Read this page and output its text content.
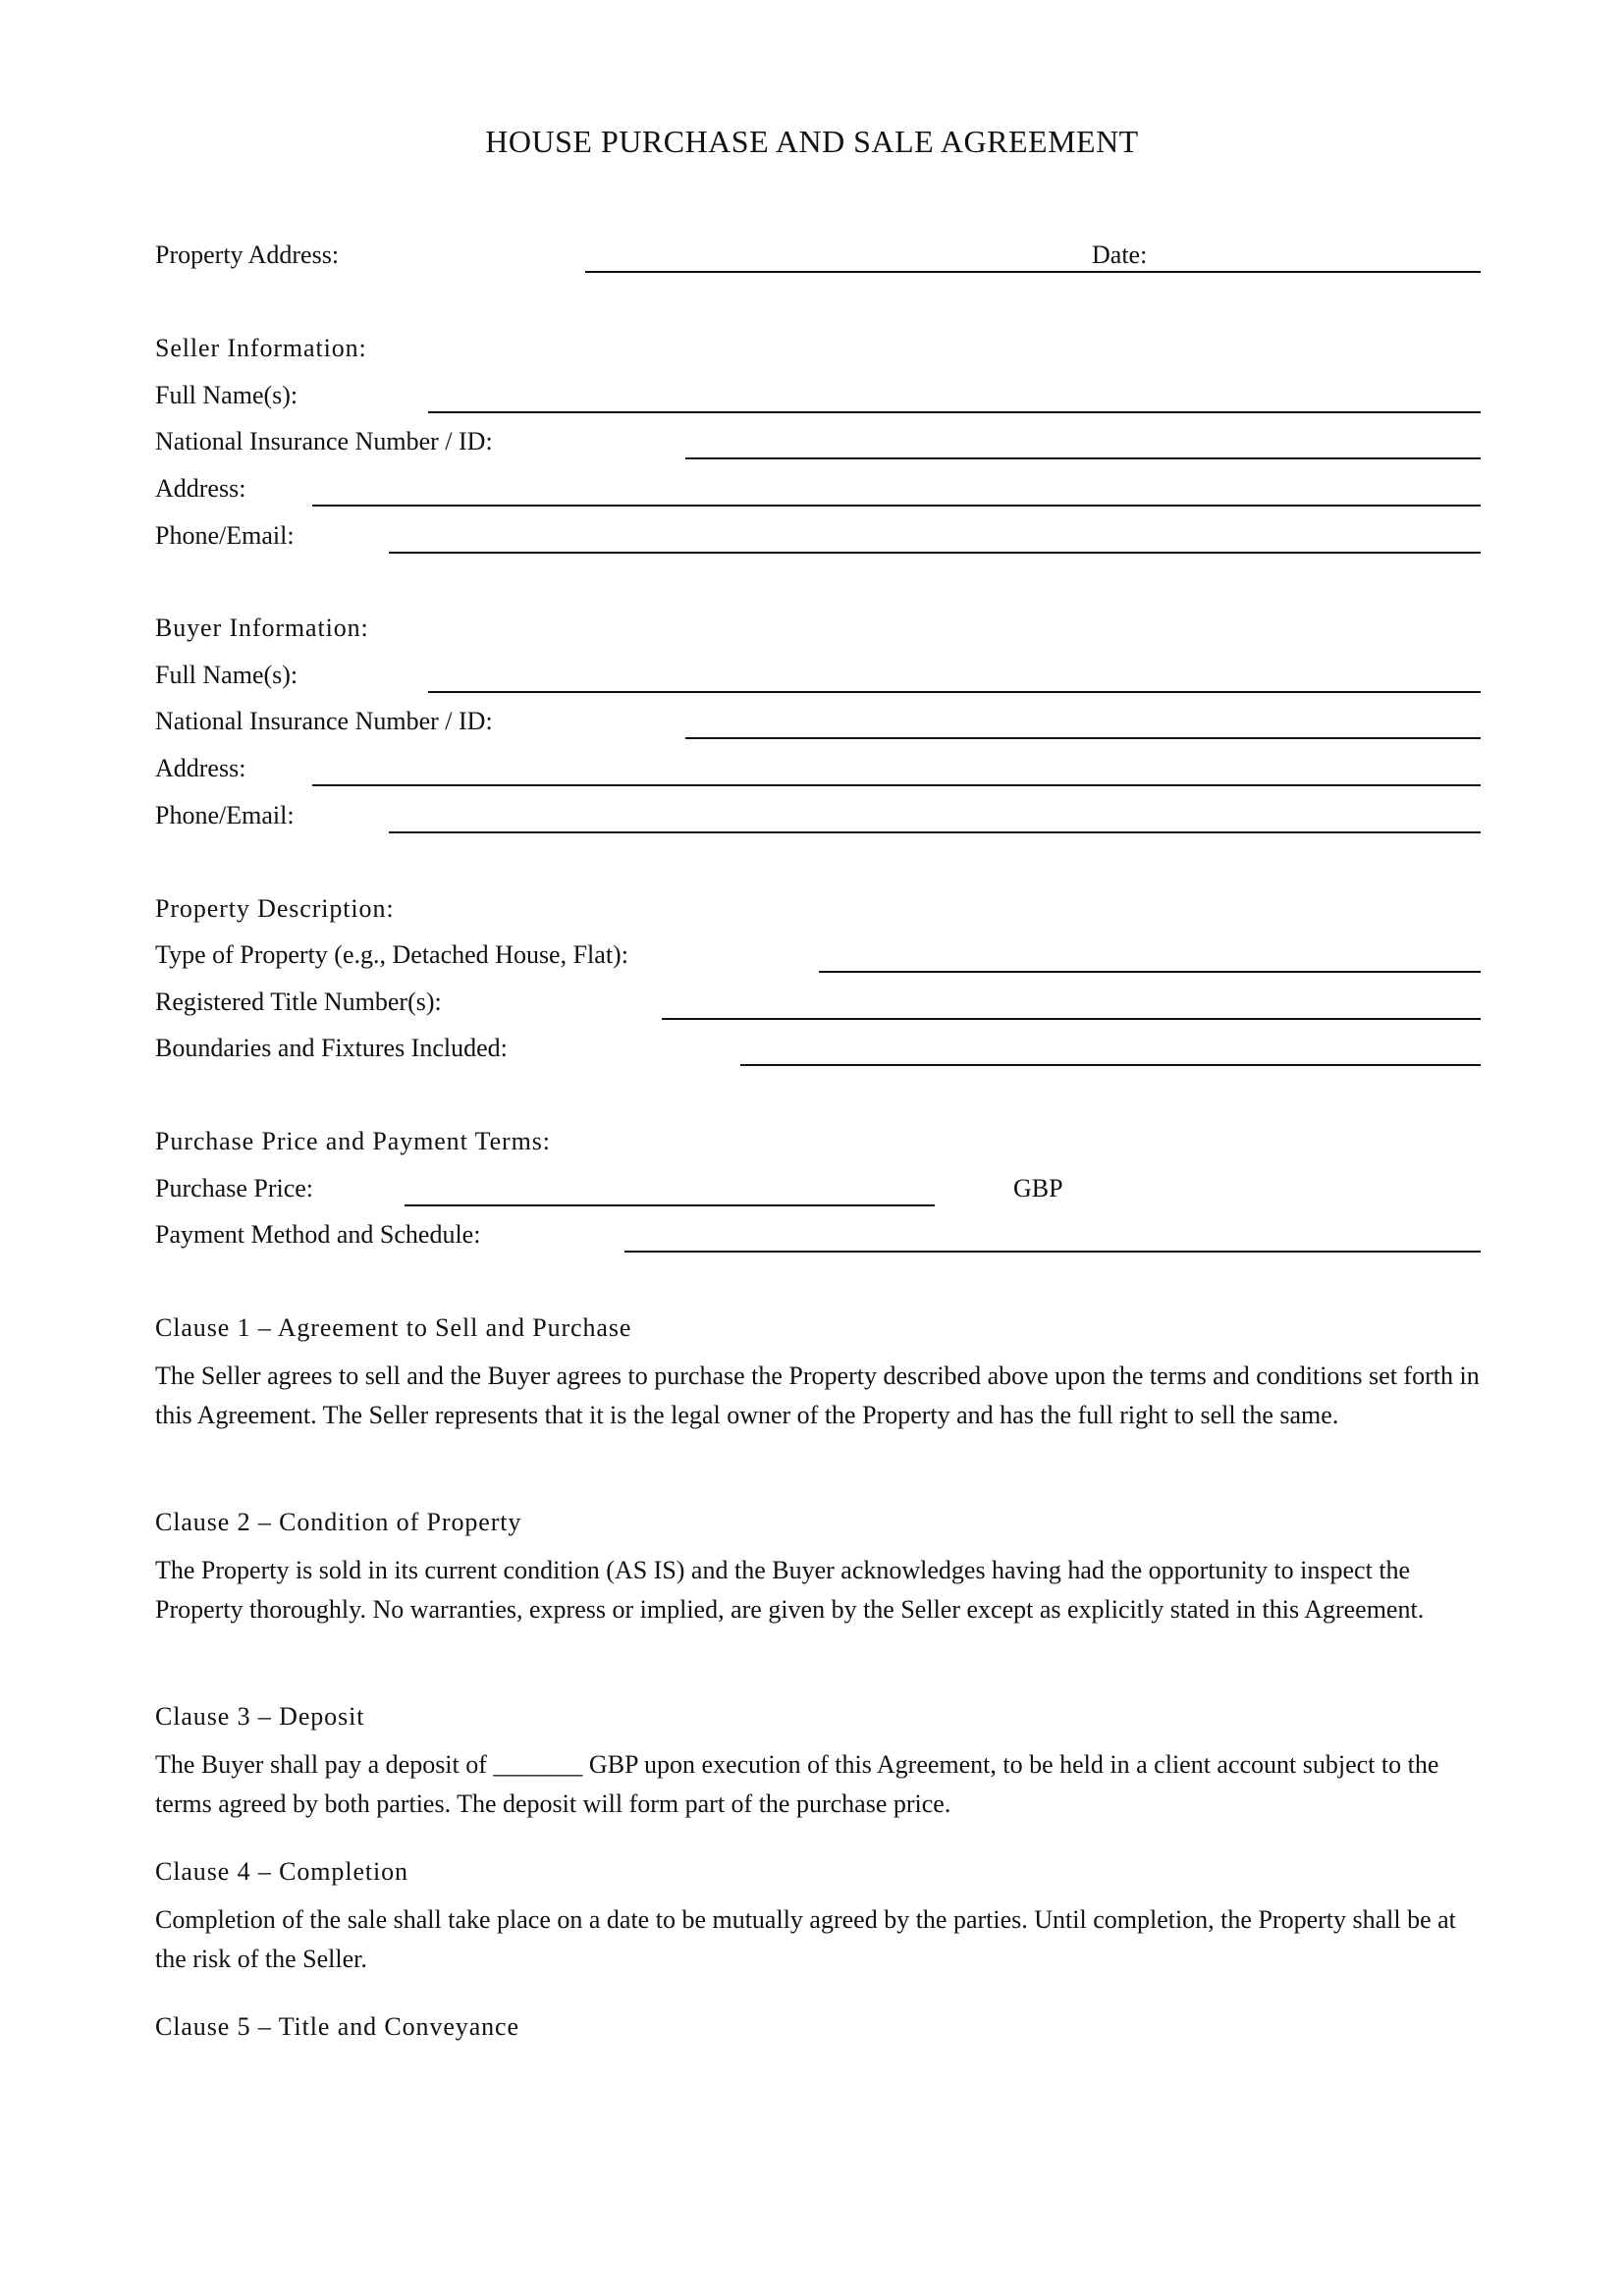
HOUSE PURCHASE AND SALE AGREEMENT
Property Address:	Date:
Seller Information:
Full Name(s):
National Insurance Number / ID:
Address:
Phone/Email:
Buyer Information:
Full Name(s):
National Insurance Number / ID:
Address:
Phone/Email:
Property Description:
Type of Property (e.g., Detached House, Flat):
Registered Title Number(s):
Boundaries and Fixtures Included:
Purchase Price and Payment Terms:
Purchase Price:	GBP
Payment Method and Schedule:
Clause 1 – Agreement to Sell and Purchase
The Seller agrees to sell and the Buyer agrees to purchase the Property described above upon the terms and conditions set forth in this Agreement. The Seller represents that it is the legal owner of the Property and has the full right to sell the same.
Clause 2 – Condition of Property
The Property is sold in its current condition (AS IS) and the Buyer acknowledges having had the opportunity to inspect the Property thoroughly. No warranties, express or implied, are given by the Seller except as explicitly stated in this Agreement.
Clause 3 – Deposit
The Buyer shall pay a deposit of _______ GBP upon execution of this Agreement, to be held in a client account subject to the terms agreed by both parties. The deposit will form part of the purchase price.
Clause 4 – Completion
Completion of the sale shall take place on a date to be mutually agreed by the parties. Until completion, the Property shall be at the risk of the Seller.
Clause 5 – Title and Conveyance
